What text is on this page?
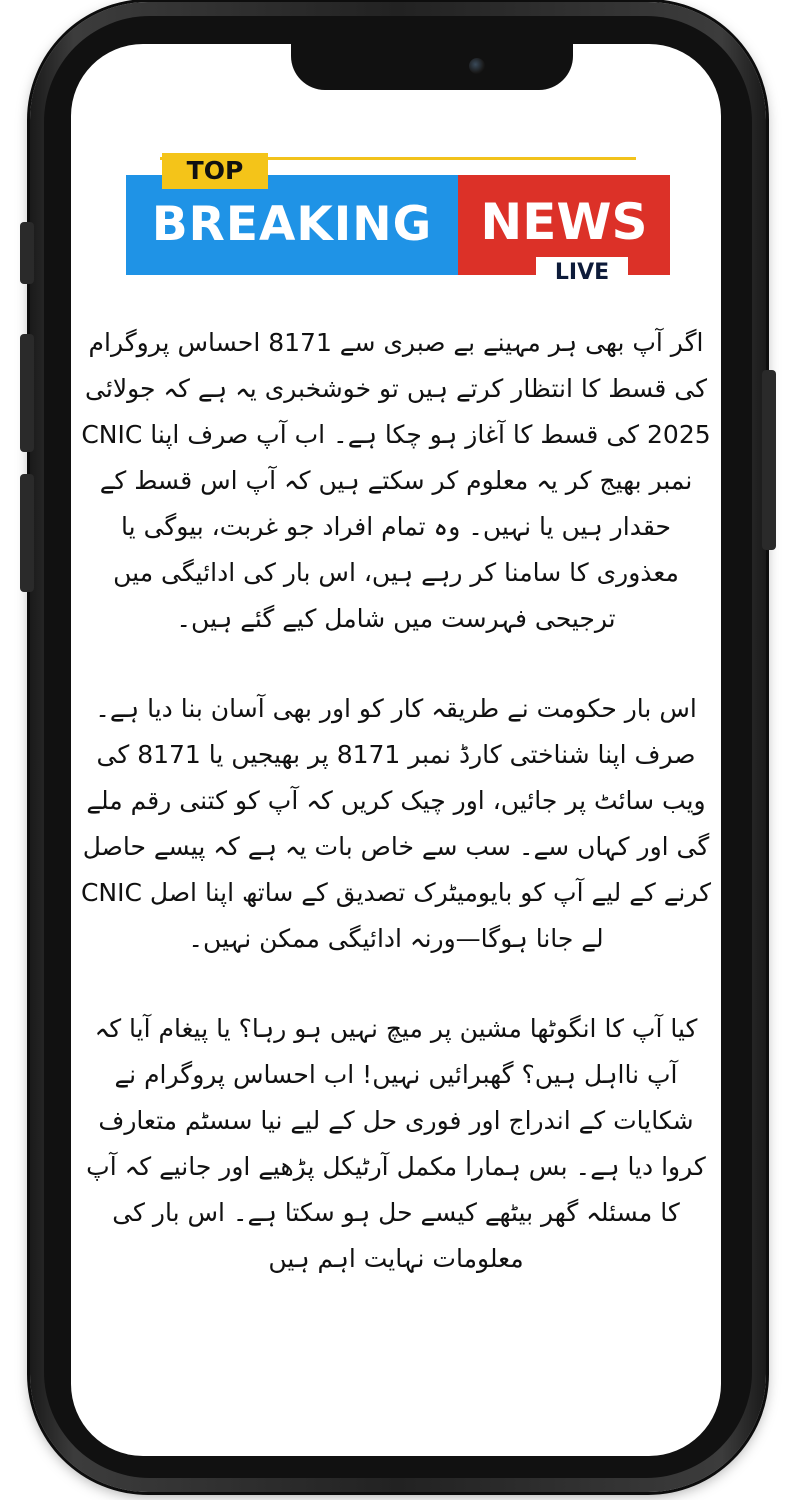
BREAKING NEWS
TOP
LIVE

اگر آپ بھی ہر مہینے بے صبری سے 8171 احساس پروگرام کی قسط کا انتظار کرتے ہیں تو خوشخبری یہ ہے کہ جولائی 2025 کی قسط کا آغاز ہو چکا ہے۔ اب آپ صرف اپنا CNIC نمبر بھیج کر یہ معلوم کر سکتے ہیں کہ آپ اس قسط کے حقدار ہیں یا نہیں۔ وہ تمام افراد جو غربت، بیوگی یا معذوری کا سامنا کر رہے ہیں، اس بار کی ادائیگی میں ترجیحی فہرست میں شامل کیے گئے ہیں۔

اس بار حکومت نے طریقہ کار کو اور بھی آسان بنا دیا ہے۔ صرف اپنا شناختی کارڈ نمبر 8171 پر بھیجیں یا 8171 کی ویب سائٹ پر جائیں، اور چیک کریں کہ آپ کو کتنی رقم ملے گی اور کہاں سے۔ سب سے خاص بات یہ ہے کہ پیسے حاصل کرنے کے لیے آپ کو بایومیٹرک تصدیق کے ساتھ اپنا اصل CNIC لے جانا ہوگا—ورنہ ادائیگی ممکن نہیں۔

کیا آپ کا انگوٹھا مشین پر میچ نہیں ہو رہا؟ یا پیغام آیا کہ آپ نااہل ہیں؟ گھبرائیں نہیں! اب احساس پروگرام نے شکایات کے اندراج اور فوری حل کے لیے نیا سسٹم متعارف کروا دیا ہے۔ بس ہمارا مکمل آرٹیکل پڑھیے اور جانیے کہ آپ کا مسئلہ گھر بیٹھے کیسے حل ہو سکتا ہے۔ اس بار کی معلومات نہایت اہم ہیں
